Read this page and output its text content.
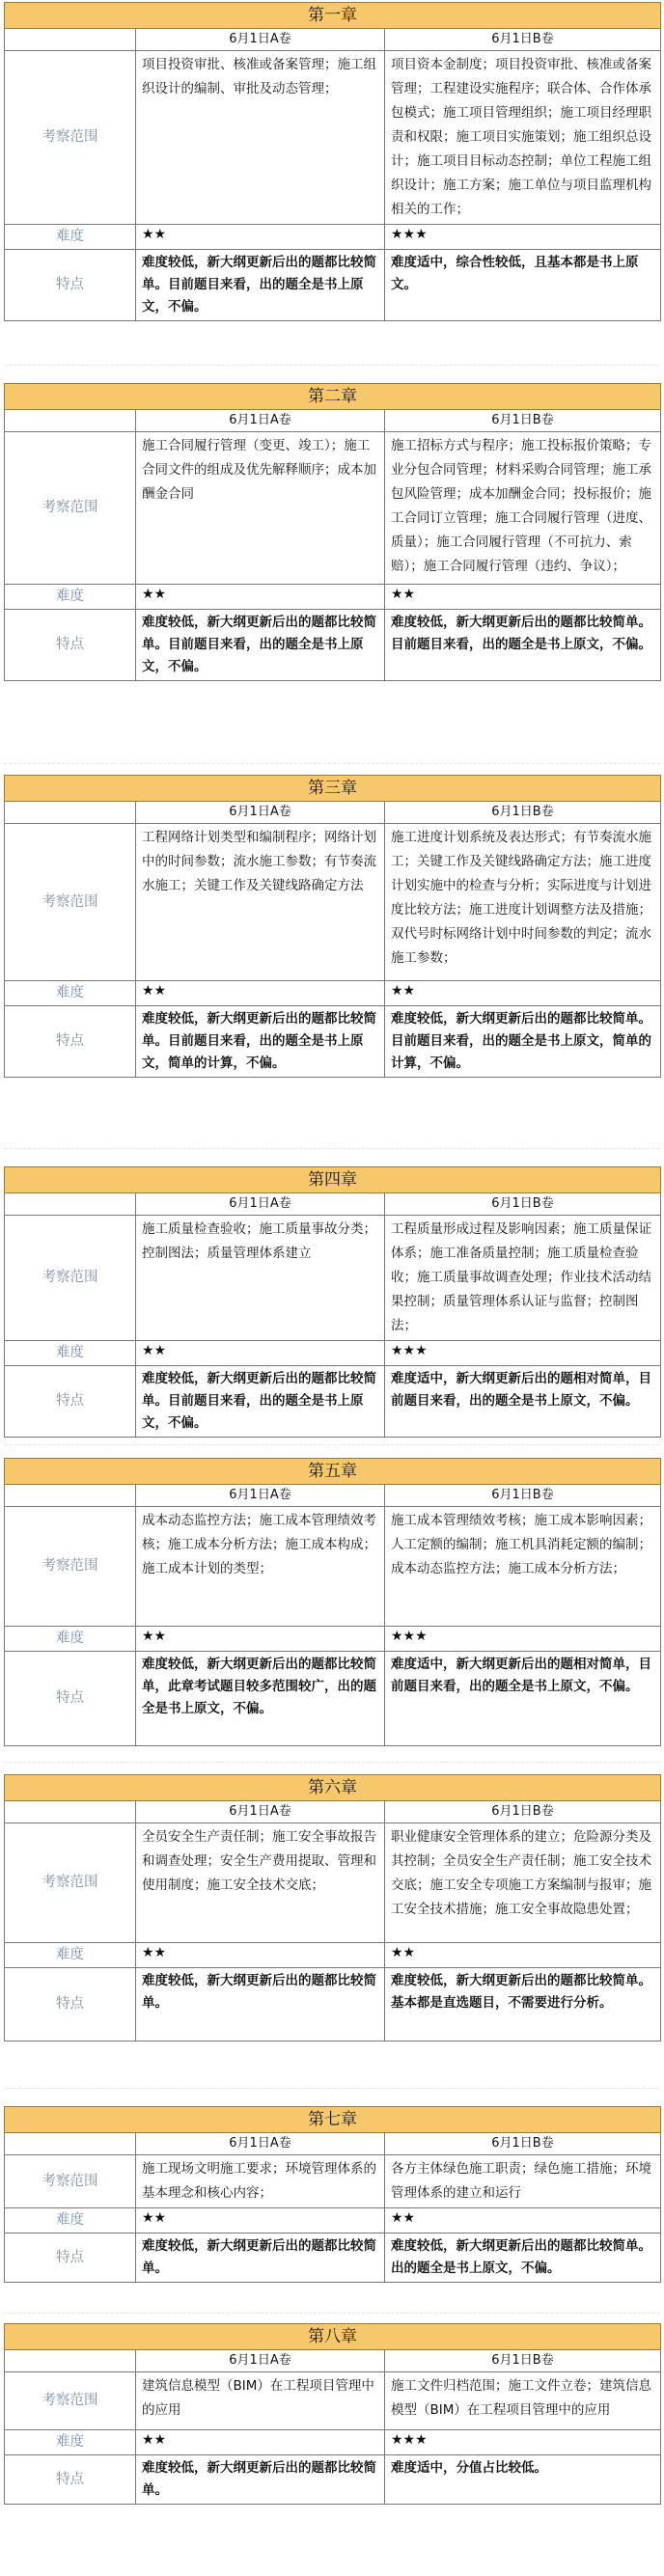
第一章		
	6月1日A卷	6月1日B卷
考察范围	项目投资审批、核准或备案管理；施工组织设计的编制、审批及动态管理；	项目资本金制度；项目投资审批、核准或备案管理；工程建设实施程序；联合体、合作体承包模式；施工项目管理组织；施工项目经理职责和权限；施工项目实施策划；施工组织总设计；施工项目目标动态控制；单位工程施工组织设计；施工方案；施工单位与项目监理机构相关的工作；
难度	★★	★★★
特点	难度较低，新大纲更新后出的题都比较简单。目前题目来看，出的题全是书上原文，不偏。	难度适中，综合性较低，且基本都是书上原文。
第二章		
	6月1日A卷	6月1日B卷
考察范围	施工合同履行管理（变更、竣工）；施工合同文件的组成及优先解释顺序；成本加酬金合同	施工招标方式与程序；施工投标报价策略；专业分包合同管理；材料采购合同管理；施工承包风险管理；成本加酬金合同；投标报价；施工合同订立管理；施工合同履行管理（进度、质量）；施工合同履行管理（不可抗力、索赔）；施工合同履行管理（违约、争议）；
难度	★★	★★
特点	难度较低，新大纲更新后出的题都比较简单。目前题目来看，出的题全是书上原文，不偏。	难度较低，新大纲更新后出的题都比较简单。目前题目来看，出的题全是书上原文，不偏。
第三章		
	6月1日A卷	6月1日B卷
考察范围	工程网络计划类型和编制程序；网络计划中的时间参数；流水施工参数；有节奏流水施工；关键工作及关键线路确定方法	施工进度计划系统及表达形式；有节奏流水施工；关键工作及关键线路确定方法；施工进度计划实施中的检查与分析；实际进度与计划进度比较方法；施工进度计划调整方法及措施；双代号时标网络计划中时间参数的判定；流水施工参数；
难度	★★	★★
特点	难度较低，新大纲更新后出的题都比较简单。目前题目来看，出的题全是书上原文，简单的计算，不偏。	难度较低，新大纲更新后出的题都比较简单。目前题目来看，出的题全是书上原文，简单的计算，不偏。
第四章		
	6月1日A卷	6月1日B卷
考察范围	施工质量检查验收；施工质量事故分类；控制图法；质量管理体系建立	工程质量形成过程及影响因素；施工质量保证体系；施工准备质量控制；施工质量检查验收；施工质量事故调查处理；作业技术活动结果控制；质量管理体系认证与监督；控制图法；
难度	★★	★★★
特点	难度较低，新大纲更新后出的题都比较简单。目前题目来看，出的题全是书上原文，不偏。	难度适中，新大纲更新后出的题相对简单，目前题目来看，出的题全是书上原文，不偏。
第五章		
	6月1日A卷	6月1日B卷
考察范围	成本动态监控方法；施工成本管理绩效考核；施工成本分析方法；施工成本构成；施工成本计划的类型；	施工成本管理绩效考核；施工成本影响因素；人工定额的编制；施工机具消耗定额的编制；成本动态监控方法；施工成本分析方法；
难度	★★	★★★
特点	难度较低，新大纲更新后出的题都比较简单，此章考试题目较多范围较广，出的题全是书上原文，不偏。	难度适中，新大纲更新后出的题相对简单，目前题目来看，出的题全是书上原文，不偏。
第六章		
	6月1日A卷	6月1日B卷
考察范围	全员安全生产责任制；施工安全事故报告和调查处理；安全生产费用提取、管理和使用制度；施工安全技术交底；	职业健康安全管理体系的建立；危险源分类及其控制；全员安全生产责任制；施工安全技术交底；施工安全专项施工方案编制与报审；施工安全技术措施；施工安全事故隐患处置；
难度	★★	★★
特点	难度较低，新大纲更新后出的题都比较简单。	难度较低，新大纲更新后出的题都比较简单。基本都是直选题目，不需要进行分析。
第七章		
	6月1日A卷	6月1日B卷
考察范围	施工现场文明施工要求；环境管理体系的基本理念和核心内容；	各方主体绿色施工职责；绿色施工措施；环境管理体系的建立和运行
难度	★★	★★
特点	难度较低，新大纲更新后出的题都比较简单。	难度较低，新大纲更新后出的题都比较简单。出的题全是书上原文，不偏。
第八章		
	6月1日A卷	6月1日B卷
考察范围	建筑信息模型（BIM）在工程项目管理中的应用	施工文件归档范围；施工文件立卷；建筑信息模型（BIM）在工程项目管理中的应用
难度	★★	★★★
特点	难度较低，新大纲更新后出的题都比较简单。	难度适中，分值占比较低。
